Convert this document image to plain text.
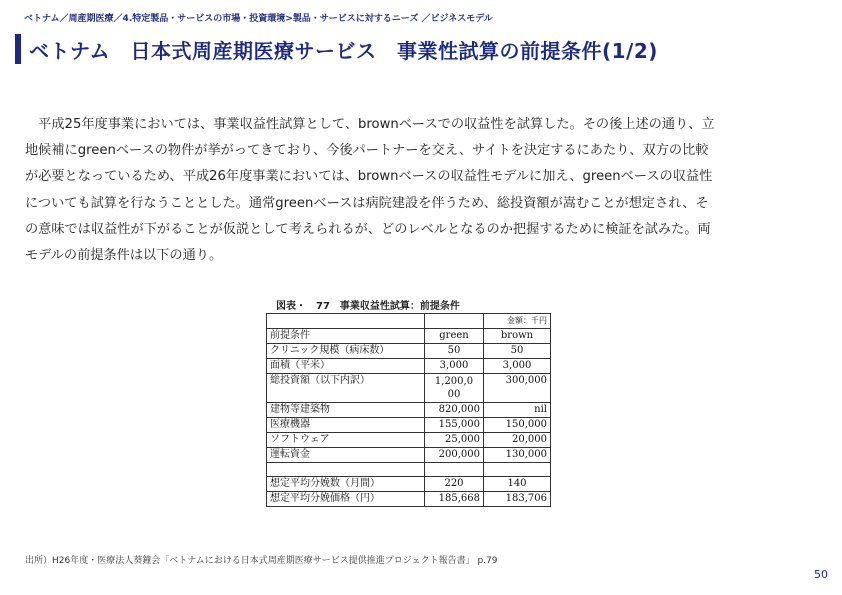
ベトナム／周産期医療／4.特定製品・サービスの市場・投資環境>製品・サービスに対するニーズ ／ビジネスモデル
ベトナム　日本式周産期医療サービス　事業性試算の前提条件(1/2)
　平成25年度事業においては、事業収益性試算として、brownベースでの収益性を試算した。その後上述の通り、立
地候補にgreenベースの物件が挙がってきており、今後パートナーを交え、サイトを決定するにあたり、双方の比較
が必要となっているため、平成26年度事業においては、brownベースの収益性モデルに加え、greenベースの収益性
についても試算を行なうこととした。通常greenベースは病院建設を伴うため、総投資額が嵩むことが想定され、そ
の意味では収益性が下がることが仮説として考えられるが、どのレベルとなるのか把握するために検証を試みた。両
モデルの前提条件は以下の通り。
図表・　77　事業収益性試算：前提条件
		金額：千円
前提条件	green	brown
クリニック規模（病床数）	50	50
面積（平米）	3,000	3,000
総投資額（以下内訳）	1,200,0
00	300,000
建物等建築物	820,000	nil
医療機器	155,000	150,000
ソフトウェア	25,000	20,000
運転資金	200,000	130,000

想定平均分娩数（月間）	220	140
想定平均分娩価格（円）	185,668	183,706
出所）H26年度・医療法人葵鐘会「ベトナムにおける日本式周産期医療サービス提供推進プロジェクト報告書」 p.79
50
